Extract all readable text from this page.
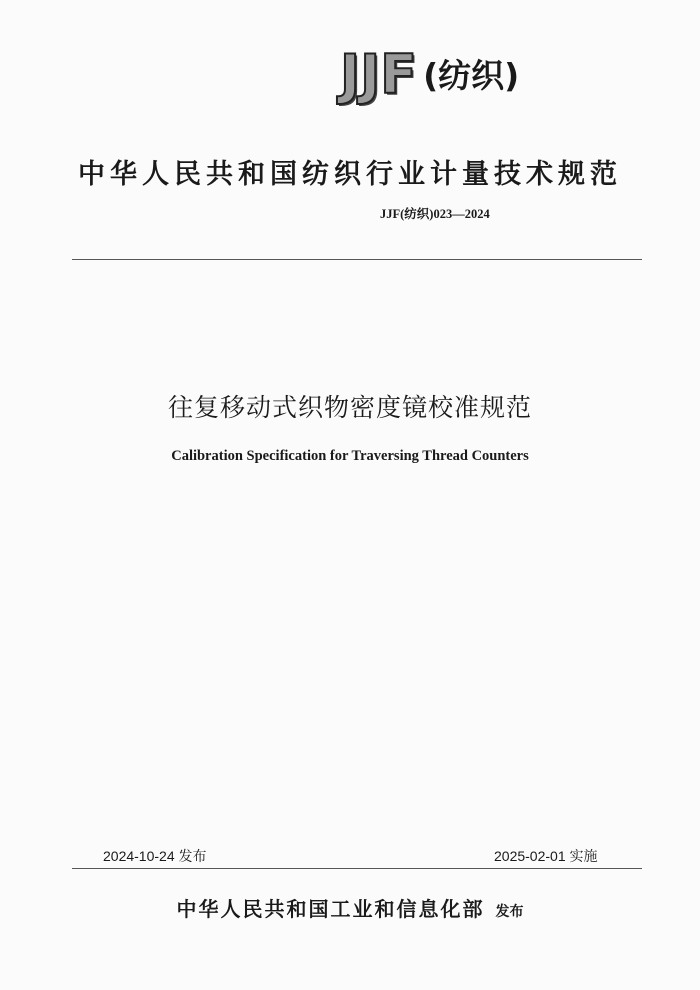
JJF (纺织)
中华人民共和国纺织行业计量技术规范
JJF(纺织)023—2024
往复移动式织物密度镜校准规范
Calibration Specification for Traversing Thread Counters
2024-10-24 发布	2025-02-01 实施
中华人民共和国工业和信息化部 发布
